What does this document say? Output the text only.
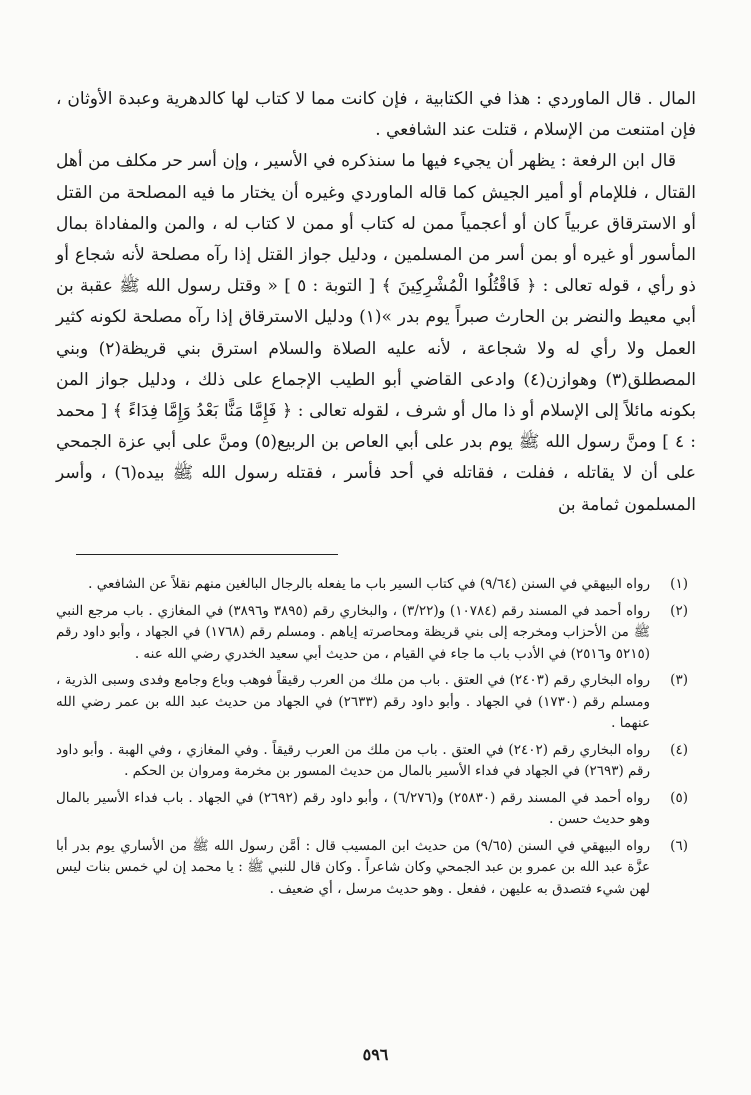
المال . قال الماوردي : هذا في الكتابية ، فإن كانت مما لا كتاب لها كالدهرية وعبدة الأوثان ، فإن امتنعت من الإسلام ، قتلت عند الشافعي .

قال ابن الرفعة : يظهر أن يجيء فيها ما سنذكره في الأسير ، وإن أسر حر مكلف من أهل القتال ، فللإمام أو أمير الجيش كما قاله الماوردي وغيره أن يختار ما فيه المصلحة من القتل أو الاسترقاق عربياً كان أو أعجمياً ممن له كتاب أو ممن لا كتاب له ، والمن والمفاداة بمال المأسور أو غيره أو بمن أسر من المسلمين ، ودليل جواز القتل إذا رآه مصلحة لأنه شجاع أو ذو رأي ، قوله تعالى : ﴿ فَاقْتُلُوا الْمُشْرِكِينَ ﴾ [ التوبة : ٥ ] « وقتل رسول الله ﷺ عقبة بن أبي معيط والنضر بن الحارث صبراً يوم بدر »(١) ودليل الاسترقاق إذا رآه مصلحة لكونه كثير العمل ولا رأي له ولا شجاعة ، لأنه عليه الصلاة والسلام استرق بني قريظة(٢) وبني المصطلق(٣) وهوازن(٤) وادعى القاضي أبو الطيب الإجماع على ذلك ، ودليل جواز المن بكونه مائلاً إلى الإسلام أو ذا مال أو شرف ، لقوله تعالى : ﴿ فَإِمَّا مَنًّا بَعْدُ وَإِمَّا فِدَاءً ﴾ [ محمد : ٤ ] ومنَّ رسول الله ﷺ يوم بدر على أبي العاص بن الربيع(٥) ومنَّ على أبي عزة الجمحي على أن لا يقاتله ، ففلت ، فقاتله في أحد فأسر ، فقتله رسول الله ﷺ بيده(٦) ، وأسر المسلمون ثمامة بن

(١)
رواه البيهقي في السنن (٩/٦٤) في كتاب السير باب ما يفعله بالرجال البالغين منهم نقلاً عن الشافعي .
(٢)
رواه أحمد في المسند رقم (١٠٧٨٤) و(٣/٢٢) ، والبخاري رقم (٣٨٩٥ و٣٨٩٦) في المغازي . باب مرجع النبي ﷺ من الأحزاب ومخرجه إلى بني قريظة ومحاصرته إياهم . ومسلم رقم (١٧٦٨) في الجهاد ، وأبو داود رقم (٥٢١٥ و٢٥١٦) في الأدب باب ما جاء في القيام ، من حديث أبي سعيد الخدري رضي الله عنه .
(٣)
رواه البخاري رقم (٢٤٠٣) في العتق . باب من ملك من العرب رقيقاً فوهب وباع وجامع وفدى وسبى الذرية ، ومسلم رقم (١٧٣٠) في الجهاد . وأبو داود رقم (٢٦٣٣) في الجهاد من حديث عبد الله بن عمر رضي الله عنهما .
(٤)
رواه البخاري رقم (٢٤٠٢) في العتق . باب من ملك من العرب رقيقاً . وفي المغازي ، وفي الهبة . وأبو داود رقم (٢٦٩٣) في الجهاد في فداء الأسير بالمال من حديث المسور بن مخرمة ومروان بن الحكم .
(٥)
رواه أحمد في المسند رقم (٢٥٨٣٠) و(٦/٢٧٦) ، وأبو داود رقم (٢٦٩٢) في الجهاد . باب فداء الأسير بالمال وهو حديث حسن .
(٦)
رواه البيهقي في السنن (٩/٦٥) من حديث ابن المسيب قال : أمَّن رسول الله ﷺ من الأساري يوم بدر أبا عزَّة عبد الله بن عمرو بن عبد الجمحي وكان شاعراً . وكان قال للنبي ﷺ : يا محمد إن لي خمس بنات ليس لهن شيء فتصدق به عليهن ، ففعل . وهو حديث مرسل ، أي ضعيف .
٥٩٦
